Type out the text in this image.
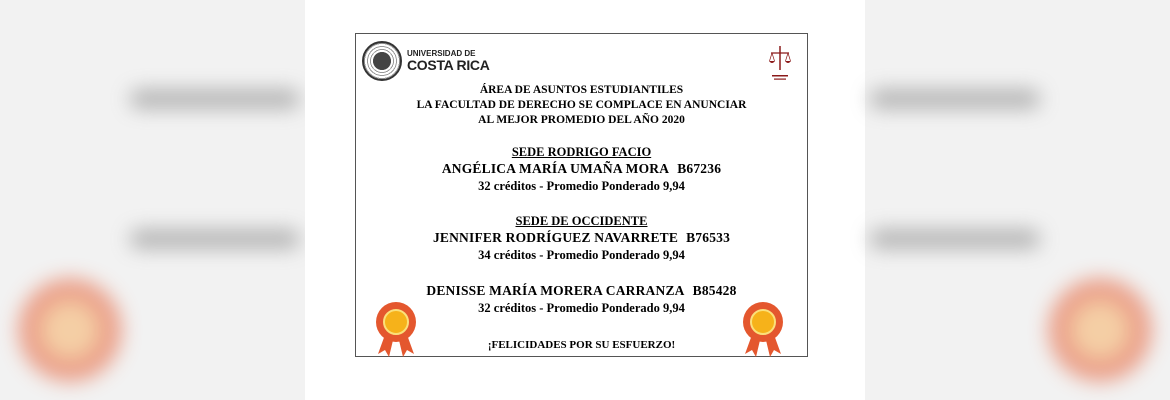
UNIVERSIDAD DE
COSTA RICA
ÁREA DE ASUNTOS ESTUDIANTILES
LA FACULTAD DE DERECHO SE COMPLACE EN ANUNCIAR
AL MEJOR PROMEDIO DEL AÑO 2020
SEDE RODRIGO FACIO
ANGÉLICA MARÍA UMAÑA MORA B67236
32 créditos - Promedio Ponderado 9,94
SEDE DE OCCIDENTE
JENNIFER RODRÍGUEZ NAVARRETE B76533
34 créditos - Promedio Ponderado 9,94
DENISSE MARÍA MORERA CARRANZA B85428
32 créditos - Promedio Ponderado 9,94
¡FELICIDADES POR SU ESFUERZO!
